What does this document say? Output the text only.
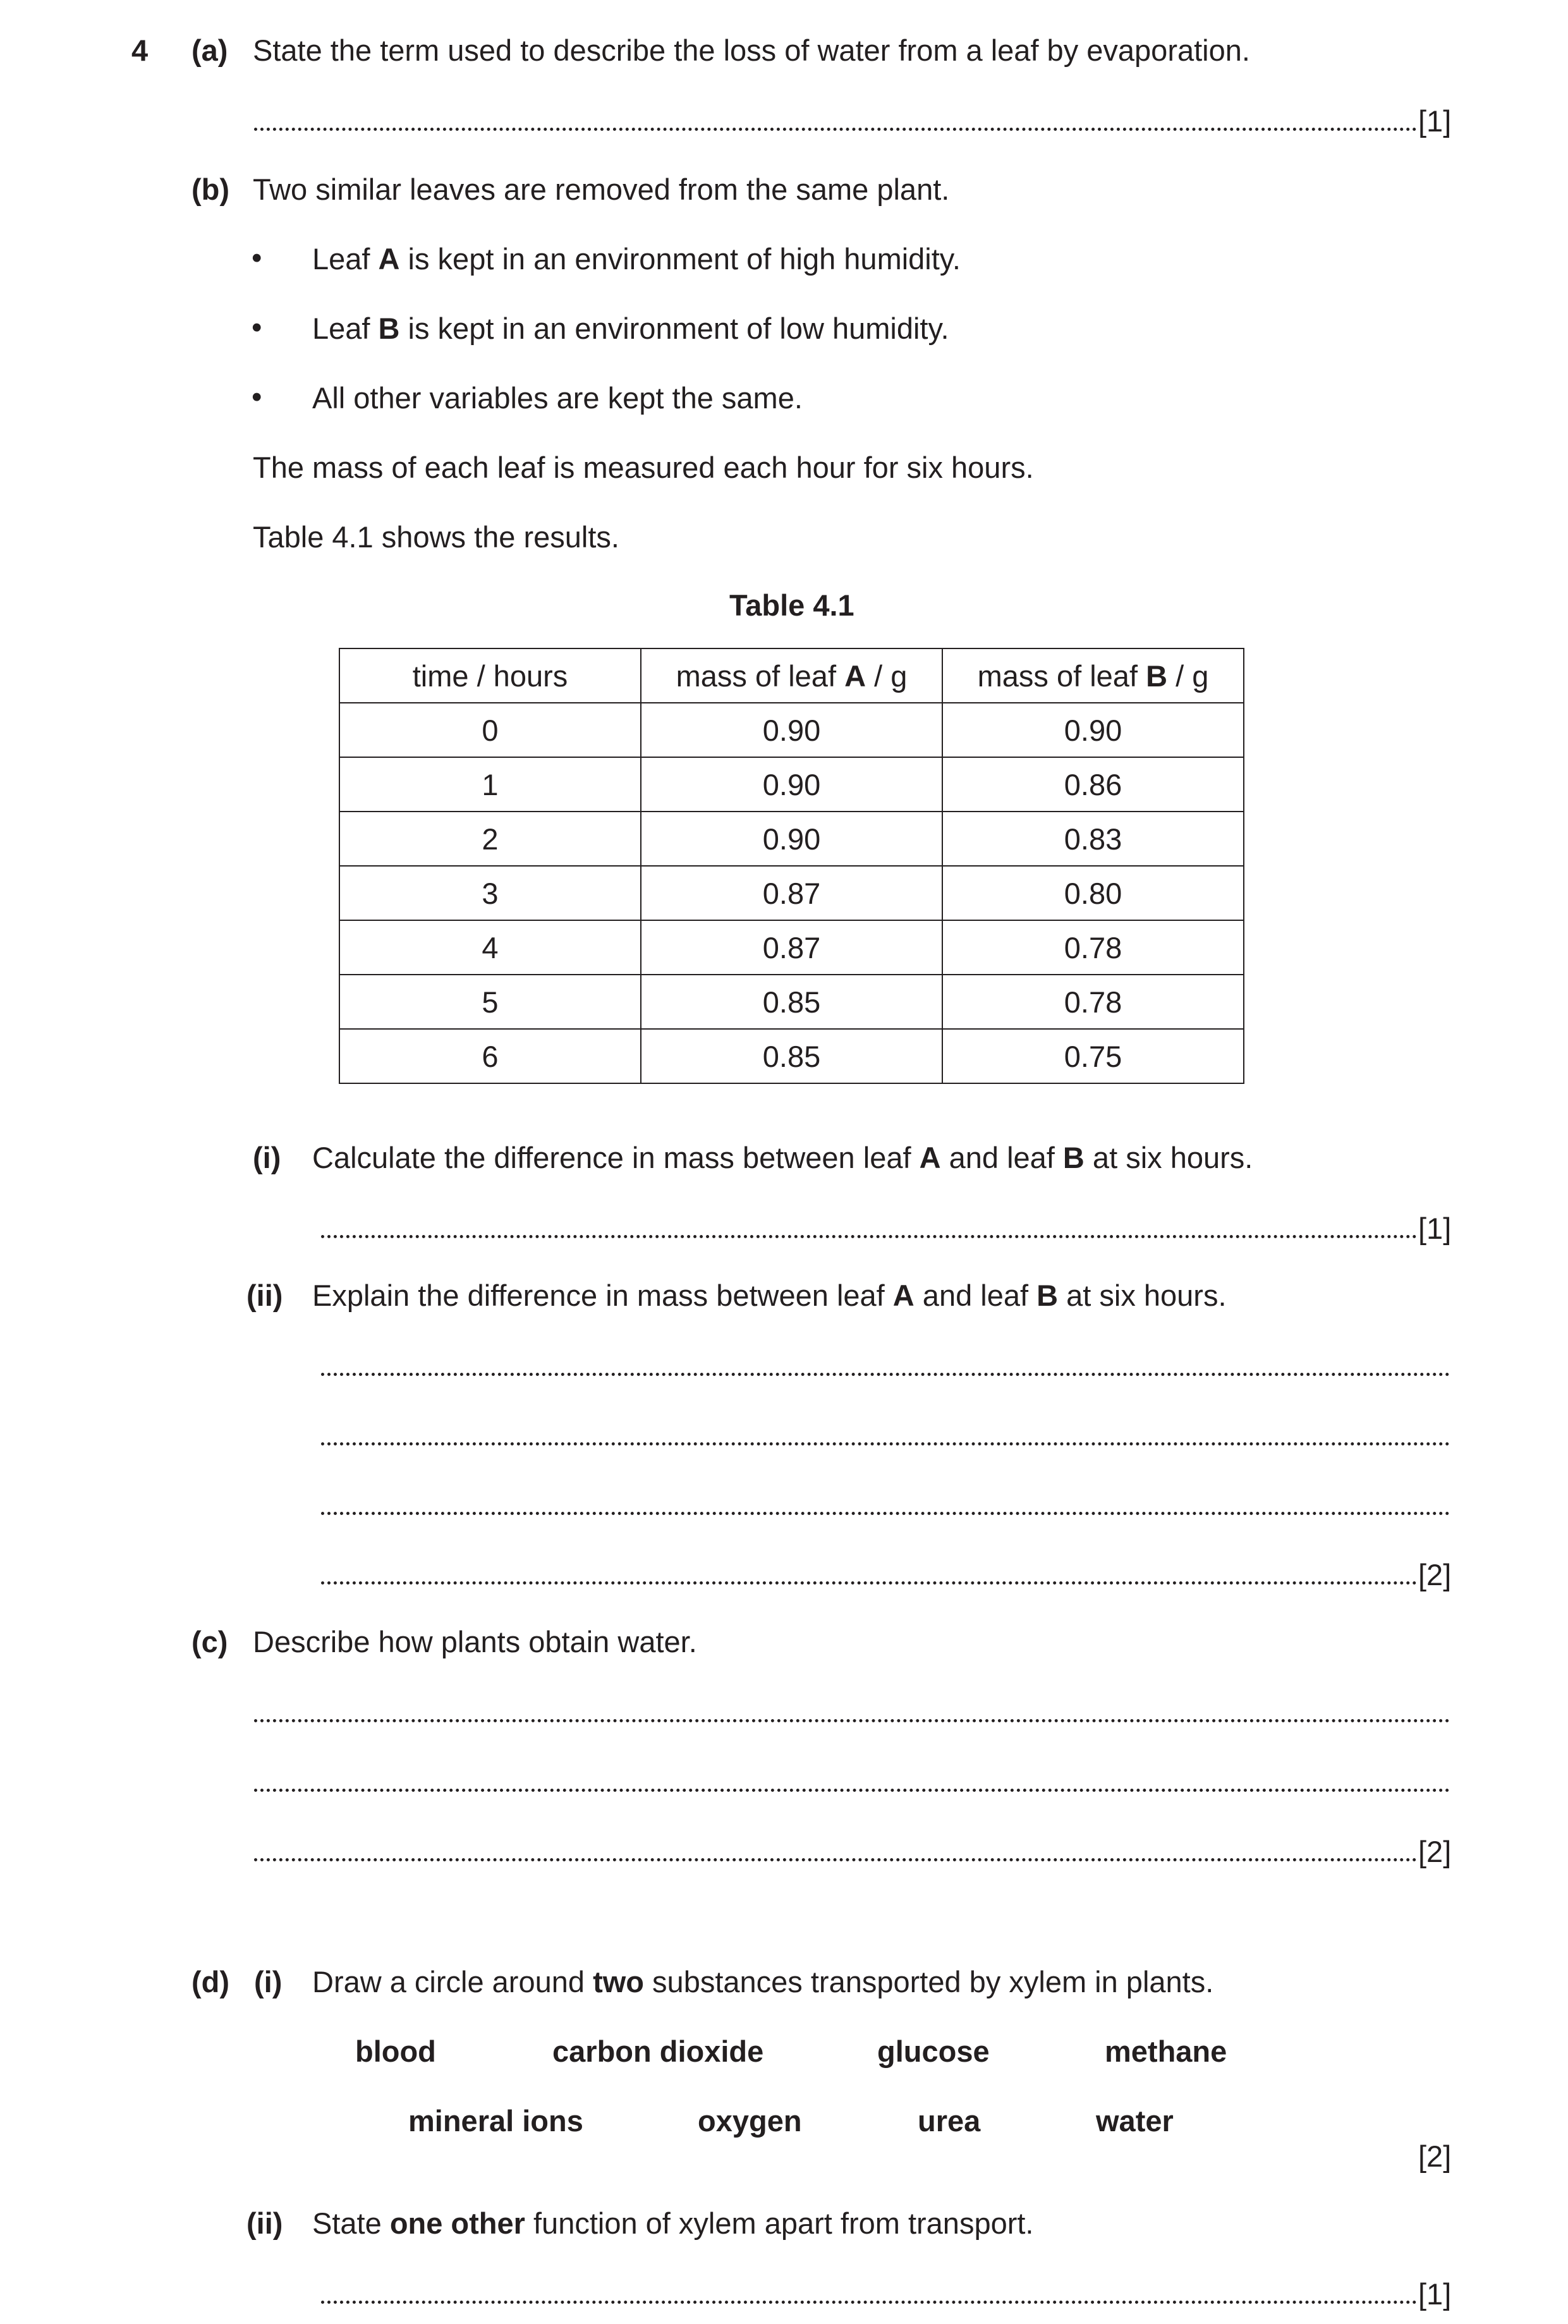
4 (a) State the term used to describe the loss of water from a leaf by evaporation.
[1]
(b) Two similar leaves are removed from the same plant.
• Leaf A is kept in an environment of high humidity.
• Leaf B is kept in an environment of low humidity.
• All other variables are kept the same.
The mass of each leaf is measured each hour for six hours.
Table 4.1 shows the results.
Table 4.1
time / hours	mass of leaf A / g	mass of leaf B / g
0	0.90	0.90
1	0.90	0.86
2	0.90	0.83
3	0.87	0.80
4	0.87	0.78
5	0.85	0.78
6	0.85	0.75
(i) Calculate the difference in mass between leaf A and leaf B at six hours.
[1]
(ii) Explain the difference in mass between leaf A and leaf B at six hours.
[2]
(c) Describe how plants obtain water.
[2]
(d) (i) Draw a circle around two substances transported by xylem in plants.
blood	carbon dioxide	glucose	methane
mineral ions	oxygen	urea	water
[2]
(ii) State one other function of xylem apart from transport.
[1]
